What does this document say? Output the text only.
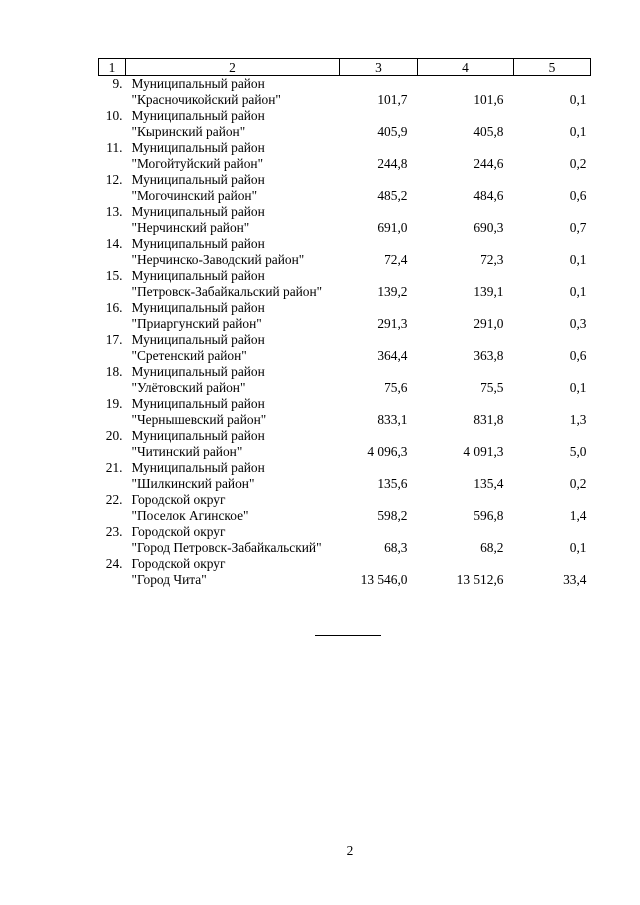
1	2	3	4	5
9.	Муниципальный район
"Красночикойский район"	101,7	101,6	0,1
10.	Муниципальный район
"Кыринский район"	405,9	405,8	0,1
11.	Муниципальный район
"Могойтуйский район"	244,8	244,6	0,2
12.	Муниципальный район
"Могочинский район"	485,2	484,6	0,6
13.	Муниципальный район
"Нерчинский район"	691,0	690,3	0,7
14.	Муниципальный район
"Нерчинско-Заводский район"	72,4	72,3	0,1
15.	Муниципальный район
"Петровск-Забайкальский район"	139,2	139,1	0,1
16.	Муниципальный район
"Приаргунский район"	291,3	291,0	0,3
17.	Муниципальный район
"Сретенский район"	364,4	363,8	0,6
18.	Муниципальный район
"Улётовский район"	75,6	75,5	0,1
19.	Муниципальный район
"Чернышевский район"	833,1	831,8	1,3
20.	Муниципальный район
"Читинский район"	4 096,3	4 091,3	5,0
21.	Муниципальный район
"Шилкинский район"	135,6	135,4	0,2
22.	Городской округ
"Поселок Агинское"	598,2	596,8	1,4
23.	Городской округ
"Город Петровск-Забайкальский"	68,3	68,2	0,1
24.	Городской округ
"Город Чита"	13 546,0	13 512,6	33,4
2
